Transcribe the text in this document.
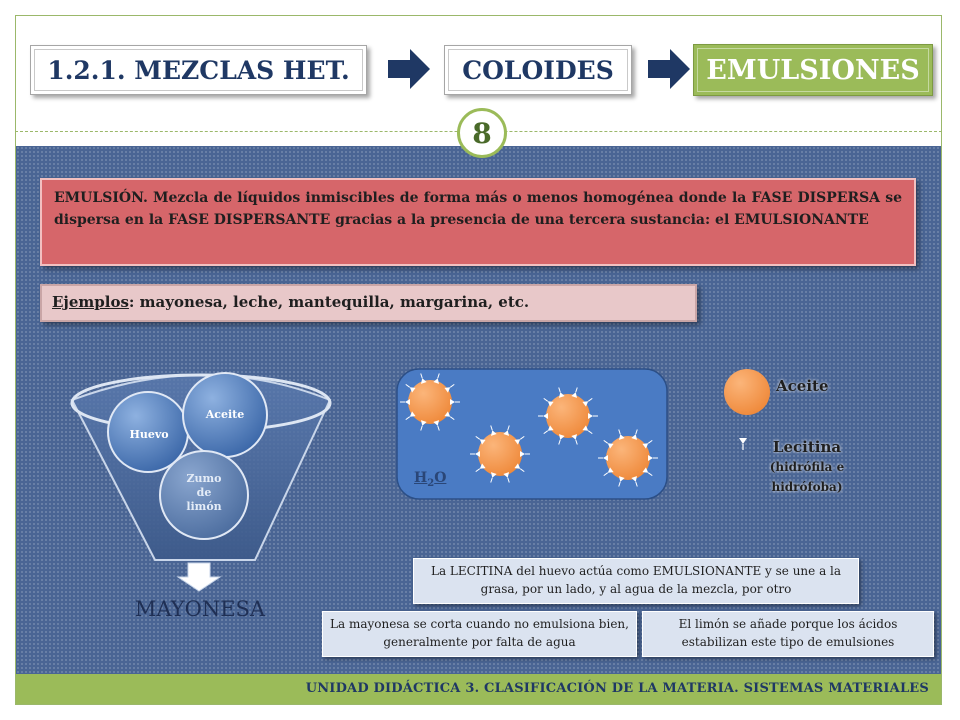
1.2.1. MEZCLAS HET.	COLOIDES	EMULSIONES
8
EMULSIÓN. Mezcla de líquidos inmiscibles de forma más o menos homogénea donde la FASE DISPERSA se dispersa en la FASE DISPERSANTE gracias a la presencia de una tercera sustancia: el EMULSIONANTE
Ejemplos: mayonesa, leche, mantequilla, margarina, etc.
Huevo
Aceite
Zumo
de
limón
MAYONESA
$H_2O$
Aceite
Lecitina
(hidrófila e
hidrófoba)
La LECITINA del huevo actúa como EMULSIONANTE y se une a la grasa, por un lado, y al agua de la mezcla, por otro
La mayonesa se corta cuando no emulsiona bien, generalmente por falta de agua
El limón se añade porque los ácidos estabilizan este tipo de emulsiones
UNIDAD DIDÁCTICA 3. CLASIFICACIÓN DE LA MATERIA. SISTEMAS MATERIALES
